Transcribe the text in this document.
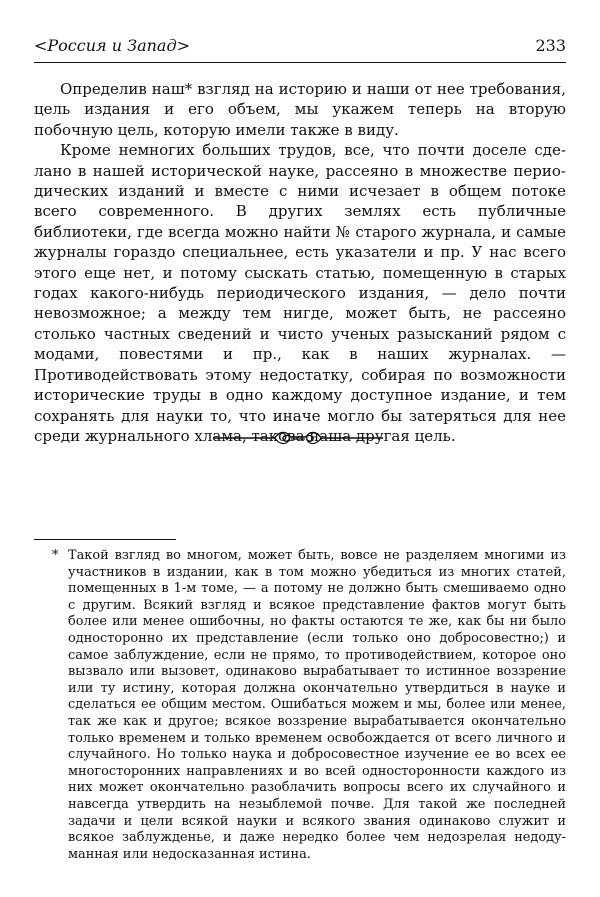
<Россия и Запад>	233

Определив наш* взгляд на историю и наши от нее требования, цель издания и его объем, мы укажем теперь на вторую побочную цель, которую имели также в виду.

Кроме немногих больших трудов, все, что почти доселе сделано в нашей исторической науке, рассеяно в множестве периодических изданий и вместе с ними исчезает в общем потоке всего современного. В других землях есть публичные библиотеки, где всегда можно найти № старого журнала, и самые журналы гораздо специальнее, есть указатели и пр. У нас всего этого еще нет, и потому сыскать статью, помещенную в старых годах какого-нибудь периодического издания, — дело почти невозможное; а между тем нигде, может быть, не рассеяно столько частных сведений и чисто ученых разысканий рядом с модами, повестями и пр., как в наших журналах. — Противодействовать этому недостатку, собирая по возможности исторические труды в одно каждому доступное издание, и тем сохранять для науки то, что иначе могло бы затеряться для нее среди журнального хлама, такова наша другая цель.

* Такой взгляд во многом, может быть, вовсе не разделяем многими из участников в издании, как в том можно убедиться из многих статей, помещенных в 1-м томе, — а потому не должно быть смешиваемо одно с другим. Всякий взгляд и всякое представление фактов могут быть более или менее ошибочны, но факты остаются те же, как бы ни было односторонно их представление (если только оно добросовестно;) и самое заблуждение, если не прямо, то противодействием, которое оно вызвало или вызовет, одинаково вырабатывает то истинное воззрение или ту истину, которая должна окончательно утвердиться в науке и сделаться ее общим местом. Ошибаться можем и мы, более или менее, так же как и другое; всякое воззрение вырабатывается окончательно только временем и только временем освобождается от всего личного и случайного. Но только наука и добросовестное изучение ее во всех ее многосторонних направлениях и во всей односторонности каждого из них может окончательно разоблачить вопросы всего их случайного и навсегда утвердить на незыблемой почве. Для такой же последней задачи и цели всякой науки и всякого звания одинаково служит и всякое заблужденье, и даже нередко более чем недозрелая недодуманная или недосказанная истина.
